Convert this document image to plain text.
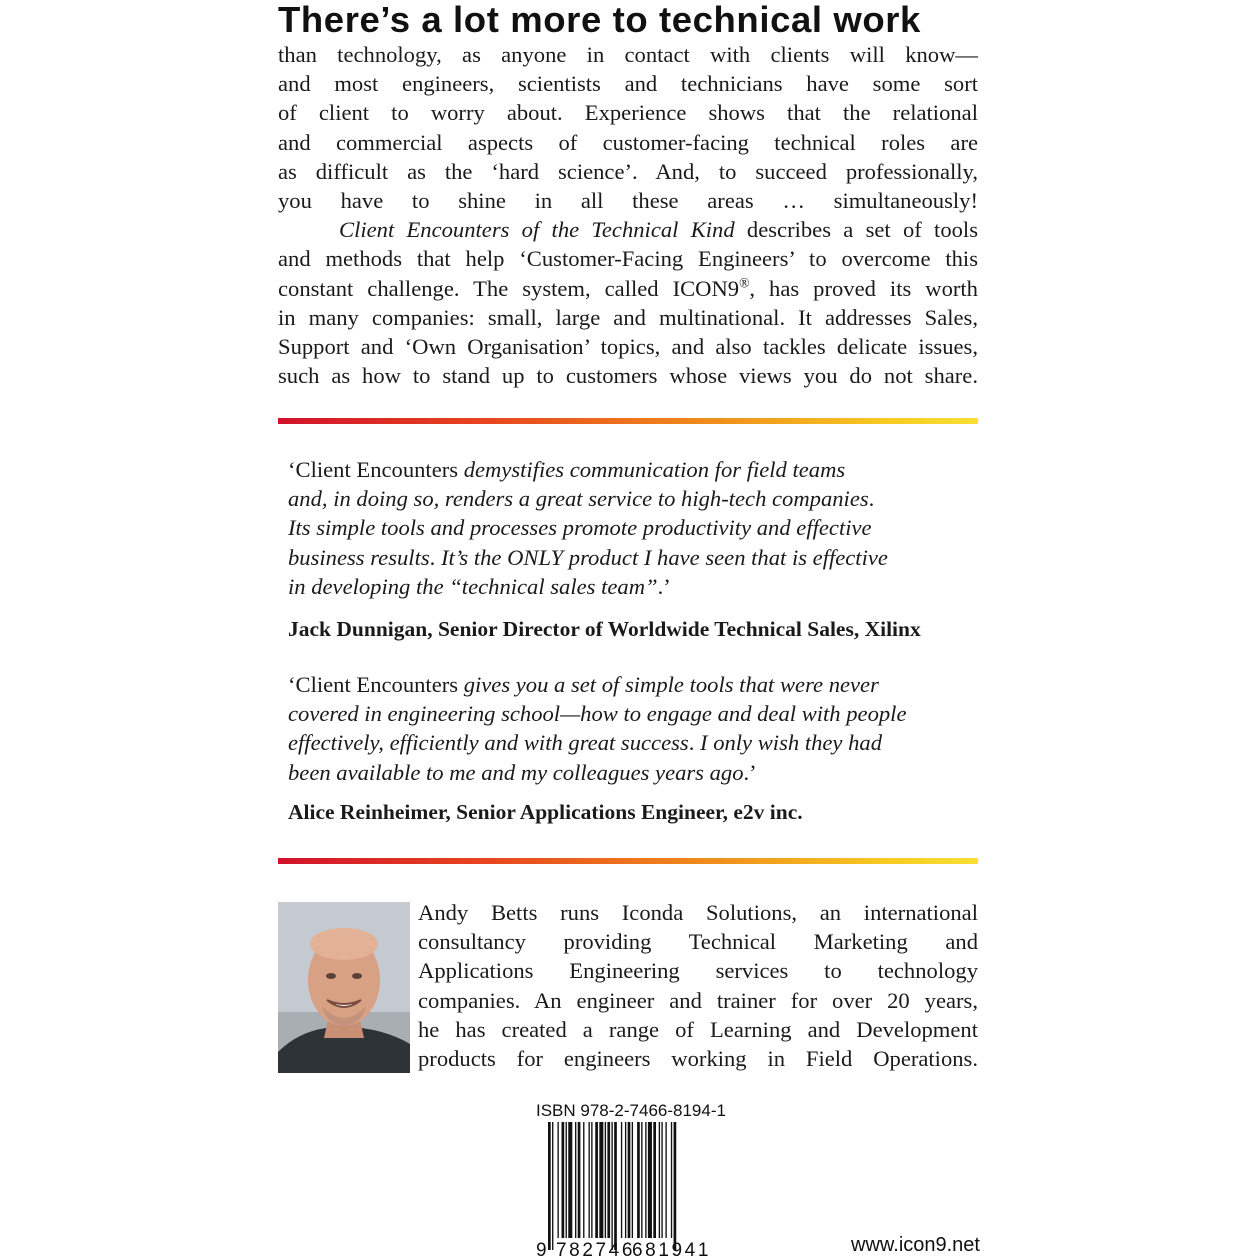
There’s a lot more to technical work
than technology, as anyone in contact with clients will know—
and most engineers, scientists and technicians have some sort
of client to worry about. Experience shows that the relational
and commercial aspects of customer-facing technical roles are
as difficult as the ‘hard science’. And, to succeed professionally,
you have to shine in all these areas … simultaneously!
Client Encounters of the Technical Kind describes a set of tools
and methods that help ‘Customer-Facing Engineers’ to overcome this
constant challenge. The system, called ICON9®, has proved its worth
in many companies: small, large and multinational. It addresses Sales,
Support and ‘Own Organisation’ topics, and also tackles delicate issues,
such as how to stand up to customers whose views you do not share.
‘Client Encounters demystifies communication for field teams
and, in doing so, renders a great service to high-tech companies.
Its simple tools and processes promote productivity and effective
business results. It’s the ONLY product I have seen that is effective
in developing the “technical sales team”.’
Jack Dunnigan, Senior Director of Worldwide Technical Sales, Xilinx
‘Client Encounters gives you a set of simple tools that were never
covered in engineering school—how to engage and deal with people
effectively, efficiently and with great success. I only wish they had
been available to me and my colleagues years ago.’
Alice Reinheimer, Senior Applications Engineer, e2v inc.
Andy Betts runs Iconda Solutions, an international
consultancy providing Technical Marketing and
Applications Engineering services to technology
companies. An engineer and trainer for over 20 years,
he has created a range of Learning and Development
products for engineers working in Field Operations.
ISBN 978-2-7466-8194-1
9 782746
681941	www.icon9.net
